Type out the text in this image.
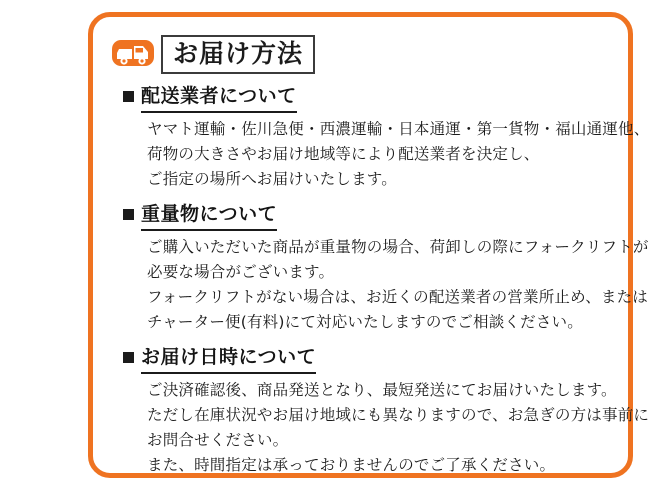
お届け方法
配送業者について
ヤマト運輸・佐川急便・西濃運輸・日本通運・第一貨物・福山通運他、
荷物の大きさやお届け地域等により配送業者を決定し、
ご指定の場所へお届けいたします。
重量物について
ご購入いただいた商品が重量物の場合、荷卸しの際にフォークリフトが
必要な場合がございます。
フォークリフトがない場合は、お近くの配送業者の営業所止め、または
チャーター便(有料)にて対応いたしますのでご相談ください。
お届け日時について
ご決済確認後、商品発送となり、最短発送にてお届けいたします。
ただし在庫状況やお届け地域にも異なりますので、お急ぎの方は事前に
お問合せください。
また、時間指定は承っておりませんのでご了承ください。
